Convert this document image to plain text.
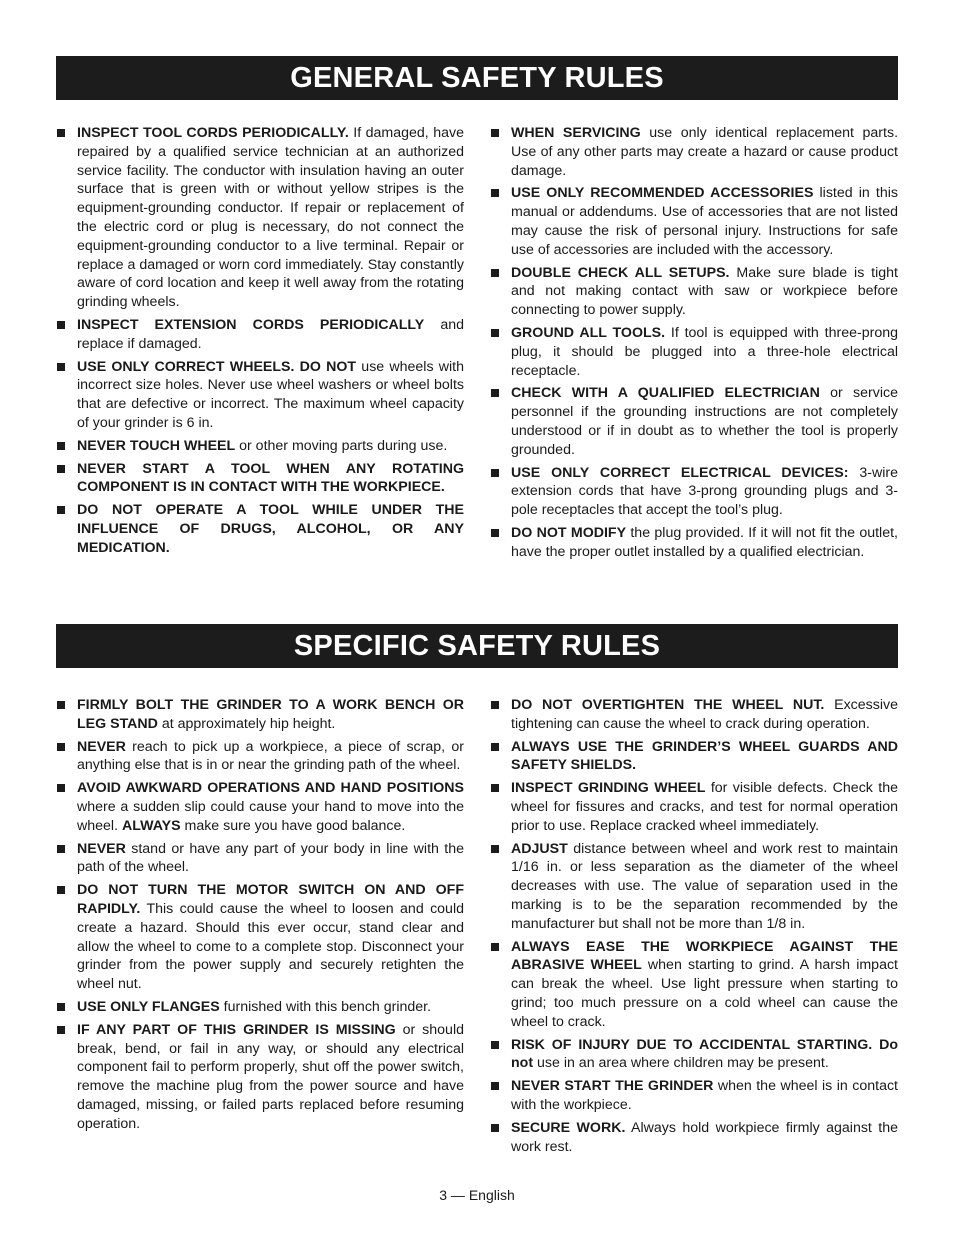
GENERAL SAFETY RULES
INSPECT TOOL CORDS PERIODICALLY. If damaged, have repaired by a qualified service technician at an authorized service facility. The conductor with insulation having an outer surface that is green with or without yellow stripes is the equipment-grounding conductor. If repair or replacement of the electric cord or plug is necessary, do not connect the equipment-grounding conductor to a live terminal. Repair or replace a damaged or worn cord immediately. Stay constantly aware of cord location and keep it well away from the rotating grinding wheels.
INSPECT EXTENSION CORDS PERIODICALLY and replace if damaged.
USE ONLY CORRECT WHEELS. DO NOT use wheels with incorrect size holes. Never use wheel washers or wheel bolts that are defective or incorrect. The maximum wheel capacity of your grinder is 6 in.
NEVER TOUCH WHEEL or other moving parts during use.
NEVER START A TOOL WHEN ANY ROTATING COMPONENT IS IN CONTACT WITH THE WORKPIECE.
DO NOT OPERATE A TOOL WHILE UNDER THE INFLUENCE OF DRUGS, ALCOHOL, OR ANY MEDICATION.
WHEN SERVICING use only identical replacement parts. Use of any other parts may create a hazard or cause product damage.
USE ONLY RECOMMENDED ACCESSORIES listed in this manual or addendums. Use of accessories that are not listed may cause the risk of personal injury. Instructions for safe use of accessories are included with the accessory.
DOUBLE CHECK ALL SETUPS. Make sure blade is tight and not making contact with saw or workpiece before connecting to power supply.
GROUND ALL TOOLS. If tool is equipped with three-prong plug, it should be plugged into a three-hole electrical receptacle.
CHECK WITH A QUALIFIED ELECTRICIAN or service personnel if the grounding instructions are not completely understood or if in doubt as to whether the tool is properly grounded.
USE ONLY CORRECT ELECTRICAL DEVICES: 3-wire extension cords that have 3-prong grounding plugs and 3-pole receptacles that accept the tool’s plug.
DO NOT MODIFY the plug provided. If it will not fit the outlet, have the proper outlet installed by a qualified electrician.
SPECIFIC SAFETY RULES
FIRMLY BOLT THE GRINDER TO A WORK BENCH OR LEG STAND at approximately hip height.
NEVER reach to pick up a workpiece, a piece of scrap, or anything else that is in or near the grinding path of the wheel.
AVOID AWKWARD OPERATIONS AND HAND POSITIONS where a sudden slip could cause your hand to move into the wheel. ALWAYS make sure you have good balance.
NEVER stand or have any part of your body in line with the path of the wheel.
DO NOT TURN THE MOTOR SWITCH ON AND OFF RAPIDLY. This could cause the wheel to loosen and could create a hazard. Should this ever occur, stand clear and allow the wheel to come to a complete stop. Disconnect your grinder from the power supply and securely retighten the wheel nut.
USE ONLY FLANGES furnished with this bench grinder.
IF ANY PART OF THIS GRINDER IS MISSING or should break, bend, or fail in any way, or should any electrical component fail to perform properly, shut off the power switch, remove the machine plug from the power source and have damaged, missing, or failed parts replaced before resuming operation.
DO NOT OVERTIGHTEN THE WHEEL NUT. Excessive tightening can cause the wheel to crack during operation.
ALWAYS USE THE GRINDER’S WHEEL GUARDS AND SAFETY SHIELDS.
INSPECT GRINDING WHEEL for visible defects. Check the wheel for fissures and cracks, and test for normal operation prior to use. Replace cracked wheel immediately.
ADJUST distance between wheel and work rest to maintain 1/16 in. or less separation as the diameter of the wheel decreases with use. The value of separation used in the marking is to be the separation recommended by the manufacturer but shall not be more than 1/8 in.
ALWAYS EASE THE WORKPIECE AGAINST THE ABRASIVE WHEEL when starting to grind. A harsh impact can break the wheel. Use light pressure when starting to grind; too much pressure on a cold wheel can cause the wheel to crack.
RISK OF INJURY DUE TO ACCIDENTAL STARTING. Do not use in an area where children may be present.
NEVER START THE GRINDER when the wheel is in contact with the workpiece.
SECURE WORK. Always hold workpiece firmly against the work rest.
3 — English
